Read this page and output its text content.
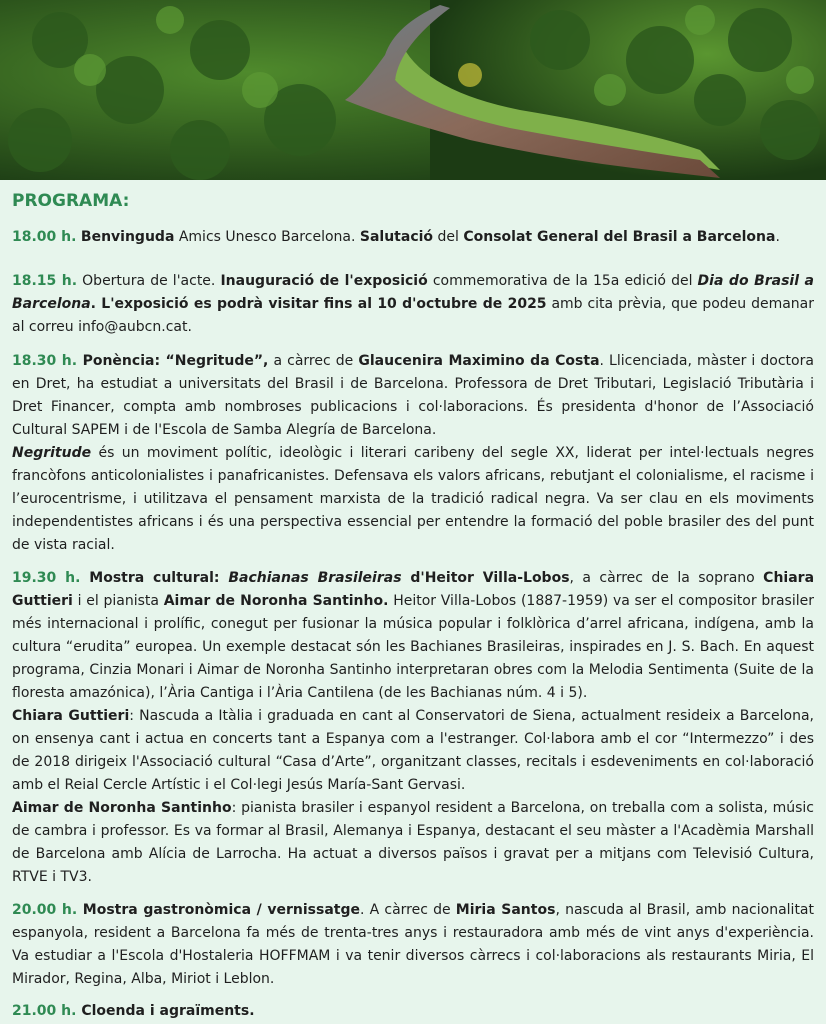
PROGRAMA:

18.00 h. Benvinguda Amics Unesco Barcelona. Salutació del Consolat General del Brasil a Barcelona.

18.15 h. Obertura de l'acte. Inauguració de l'exposició commemorativa de la 15a edició del Dia do Brasil a Barcelona. L'exposició es podrà visitar fins al 10 d'octubre de 2025 amb cita prèvia, que podeu demanar al correu info@aubcn.cat.

18.30 h. Ponència: “Negritude”, a càrrec de Glaucenira Maximino da Costa. Llicenciada, màster i doctora en Dret, ha estudiat a universitats del Brasil i de Barcelona. Professora de Dret Tributari, Legislació Tributària i Dret Financer, compta amb nombroses publicacions i col·laboracions. És presidenta d'honor de l’Associació Cultural SAPEM i de l'Escola de Samba Alegría de Barcelona.

Negritude és un moviment polític, ideològic i literari caribeny del segle XX, liderat per intel·lectuals negres francòfons anticolonialistes i panafricanistes. Defensava els valors africans, rebutjant el colonialisme, el racisme i l’eurocentrisme, i utilitzava el pensament marxista de la tradició radical negra. Va ser clau en els moviments independentistes africans i és una perspectiva essencial per entendre la formació del poble brasiler des del punt de vista racial.

19.30 h. Mostra cultural: Bachianas Brasileiras d'Heitor Villa-Lobos, a càrrec de la soprano Chiara Guttieri i el pianista Aimar de Noronha Santinho. Heitor Villa-Lobos (1887-1959) va ser el compositor brasiler més internacional i prolífic, conegut per fusionar la música popular i folklòrica d’arrel africana, indígena, amb la cultura “erudita” europea. Un exemple destacat són les Bachianes Brasileiras, inspirades en J. S. Bach. En aquest programa, Cinzia Monari i Aimar de Noronha Santinho interpretaran obres com la Melodia Sentimenta (Suite de la floresta amazónica), l’Ària Cantiga i l’Ària Cantilena (de les Bachianas núm. 4 i 5).

Chiara Guttieri: Nascuda a Itàlia i graduada en cant al Conservatori de Siena, actualment resideix a Barcelona, on ensenya cant i actua en concerts tant a Espanya com a l'estranger. Col·labora amb el cor “Intermezzo” i des de 2018 dirigeix l'Associació cultural “Casa d’Arte”, organitzant classes, recitals i esdeveniments en col·laboració amb el Reial Cercle Artístic i el Col·legi Jesús María-Sant Gervasi.

Aimar de Noronha Santinho: pianista brasiler i espanyol resident a Barcelona, on treballa com a solista, músic de cambra i professor. Es va formar al Brasil, Alemanya i Espanya, destacant el seu màster a l'Acadèmia Marshall de Barcelona amb Alícia de Larrocha. Ha actuat a diversos països i gravat per a mitjans com Televisió Cultura, RTVE i TV3.

20.00 h. Mostra gastronòmica / vernissatge. A càrrec de Miria Santos, nascuda al Brasil, amb nacionalitat espanyola, resident a Barcelona fa més de trenta-tres anys i restauradora amb més de vint anys d'experiència. Va estudiar a l'Escola d'Hostaleria HOFFMAM i va tenir diversos càrrecs i col·laboracions als restaurants Miria, El Mirador, Regina, Alba, Miriot i Leblon.

21.00 h. Cloenda i agraïments.
